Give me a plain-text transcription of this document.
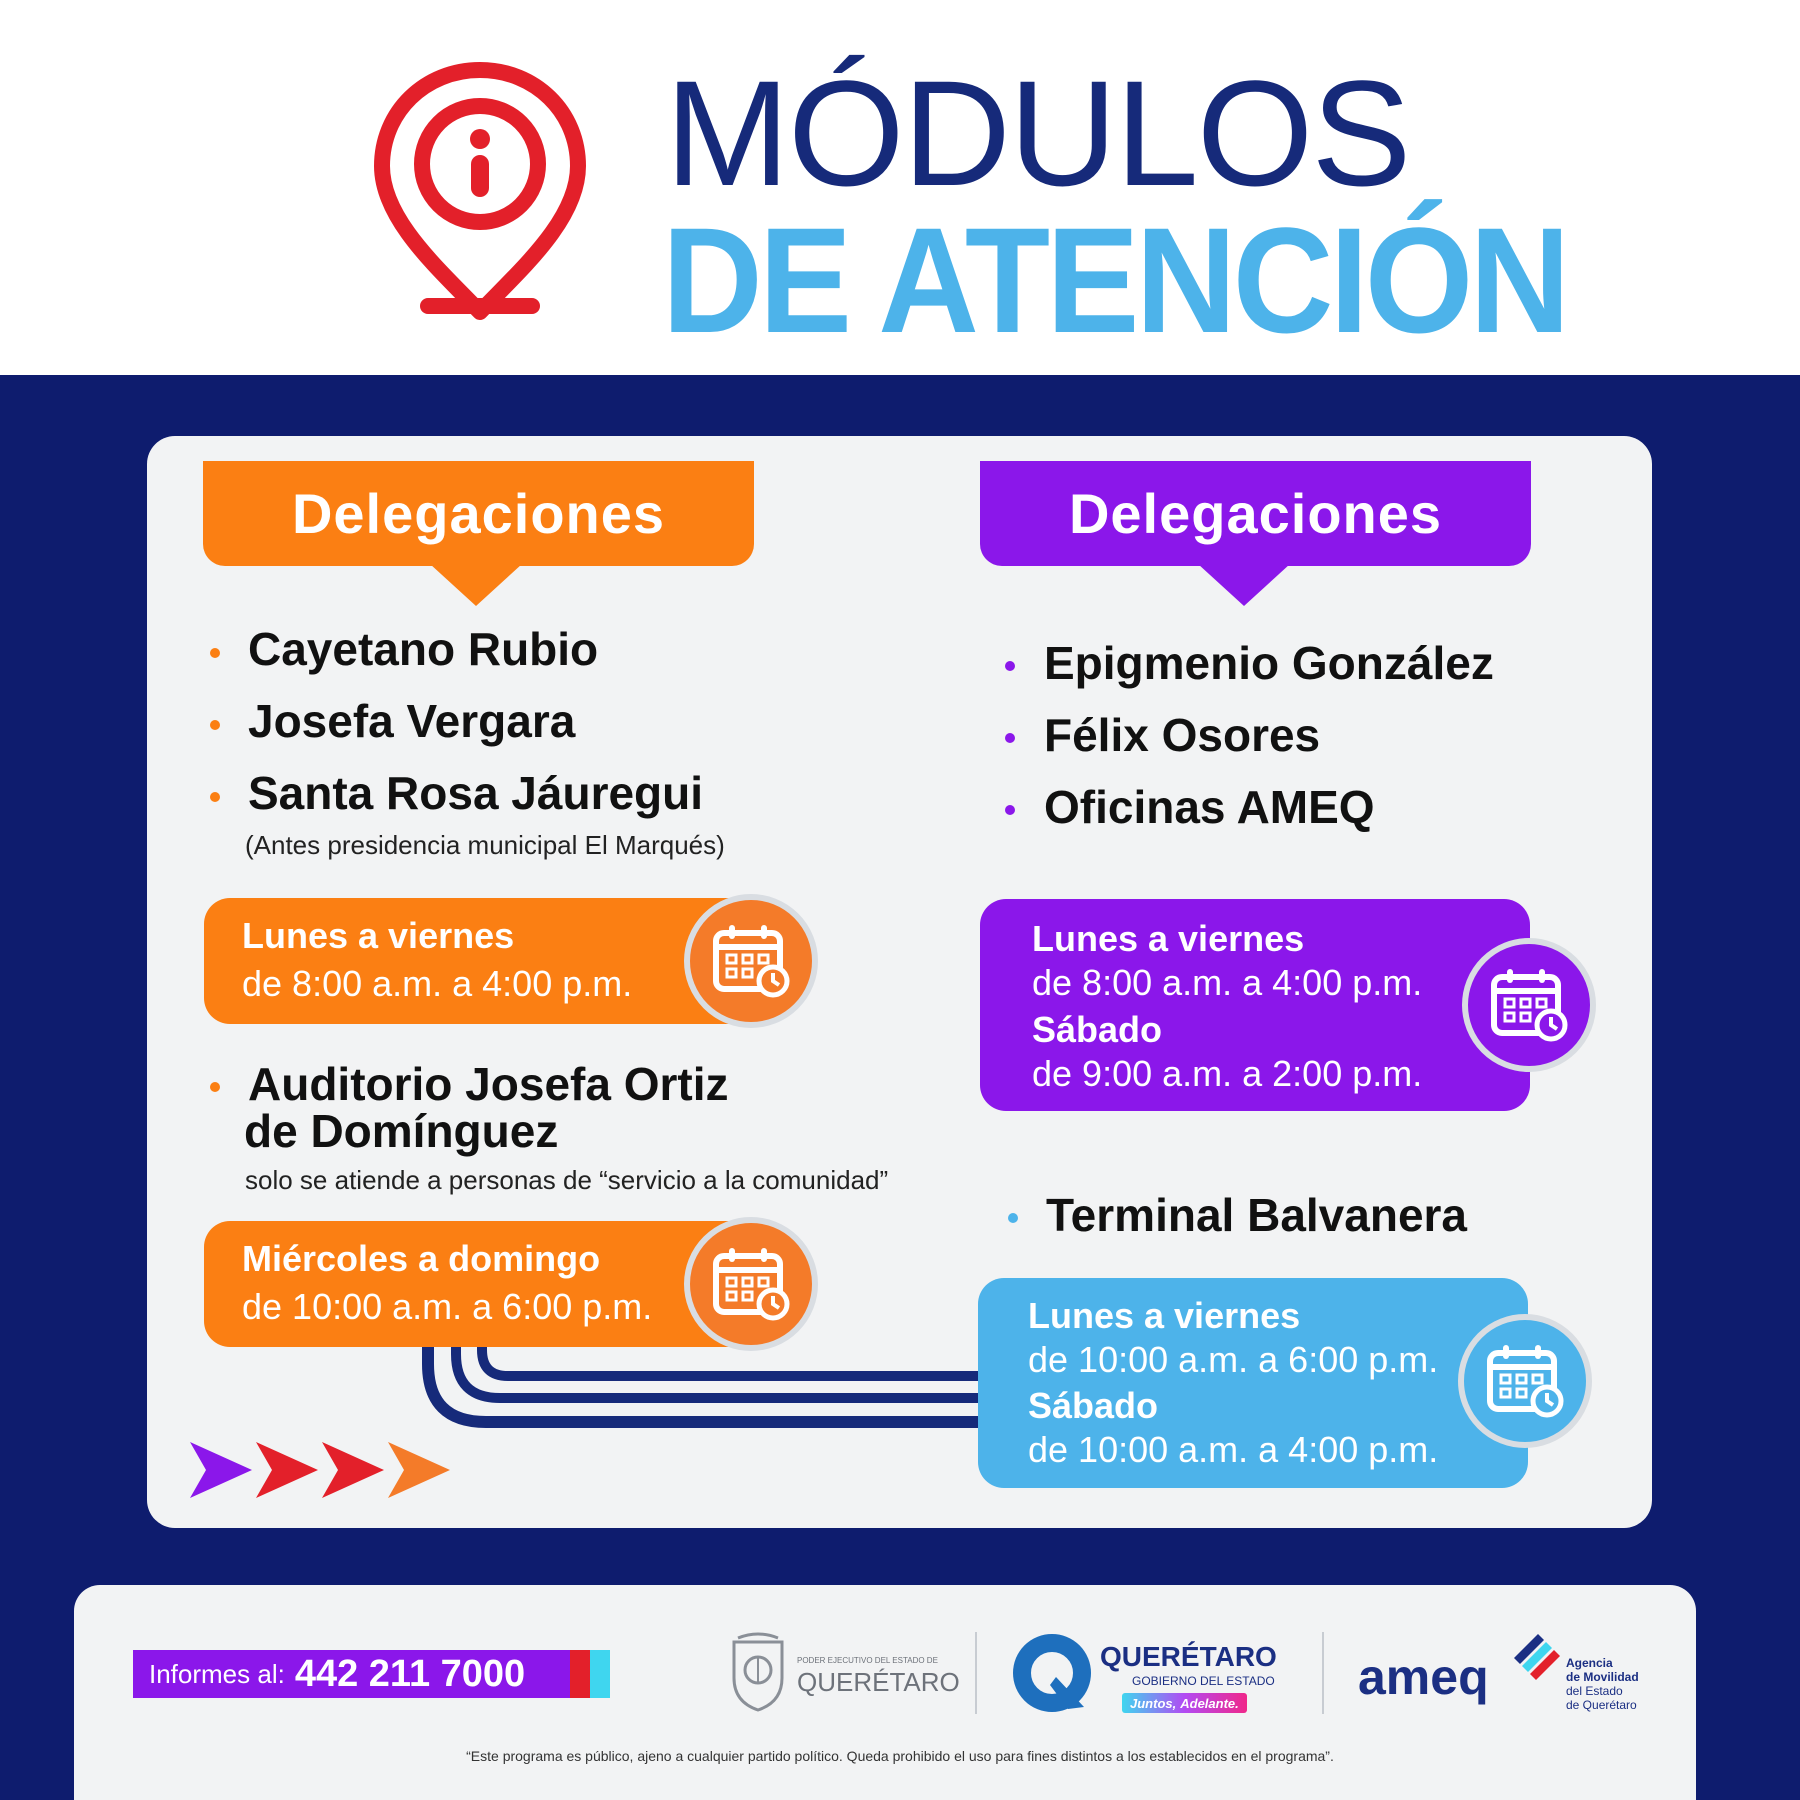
MÓDULOS
DE ATENCIÓN
Delegaciones
Cayetano Rubio
Josefa Vergara
Santa Rosa Jáuregui
(Antes presidencia municipal El Marqués)
Lunes a viernes
de 8:00 a.m. a 4:00 p.m.
Auditorio Josefa Ortiz
de Domínguez
solo se atiende a personas de “servicio a la comunidad”
Miércoles a domingo
de 10:00 a.m. a 6:00 p.m.
Delegaciones
Epigmenio González
Félix Osores
Oficinas AMEQ
Lunes a viernes
de 8:00 a.m. a 4:00 p.m.
Sábado
de 9:00 a.m. a 2:00 p.m.
Terminal Balvanera
Lunes a viernes
de 10:00 a.m. a 6:00 p.m.
Sábado
de 10:00 a.m. a 4:00 p.m.
Informes al: 442 211 7000	PODER EJECUTIVO DEL ESTADO DE
QUERÉTARO
QUERÉTARO
GOBIERNO DEL ESTADO
Juntos, Adelante. ameq	Agencia
de Movilidad
del Estado
de Querétaro
“Este programa es público, ajeno a cualquier partido político. Queda prohibido el uso para fines distintos a los establecidos en el programa”.
